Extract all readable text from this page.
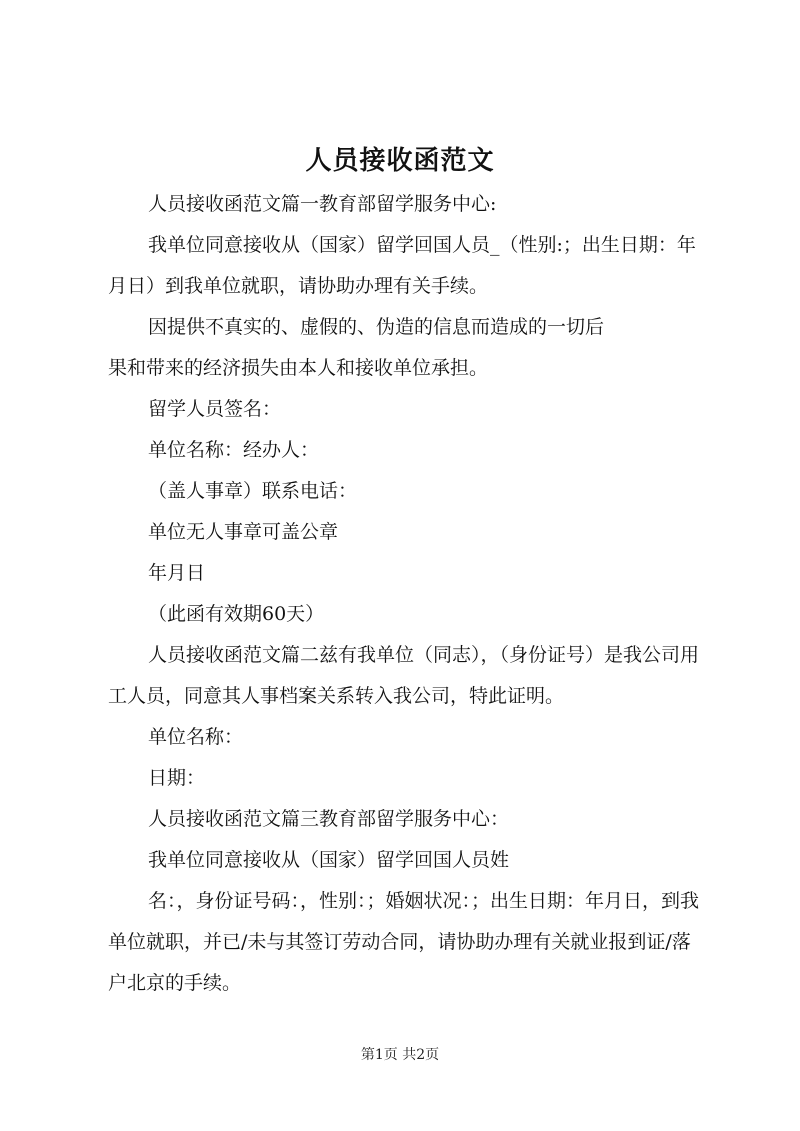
人员接收函范文

人员接收函范文篇一教育部留学服务中心:

我单位同意接收从（国家）留学回国人员_（性别:；出生日期：年月日）到我单位就职，请协助办理有关手续。

因提供不真实的、虚假的、伪造的信息而造成的一切后

果和带来的经济损失由本人和接收单位承担。

留学人员签名：

单位名称：经办人：

（盖人事章）联系电话：

单位无人事章可盖公章

年月日

（此函有效期60天）

人员接收函范文篇二兹有我单位（同志），（身份证号）是我公司用工人员，同意其人事档案关系转入我公司，特此证明。

单位名称：

日期：

人员接收函范文篇三教育部留学服务中心：

我单位同意接收从（国家）留学回国人员姓

名：，身份证号码：，性别：；婚姻状况：；出生日期：年月日，到我单位就职，并已/未与其签订劳动合同，请协助办理有关就业报到证/落户北京的手续。

第1页 共2页
